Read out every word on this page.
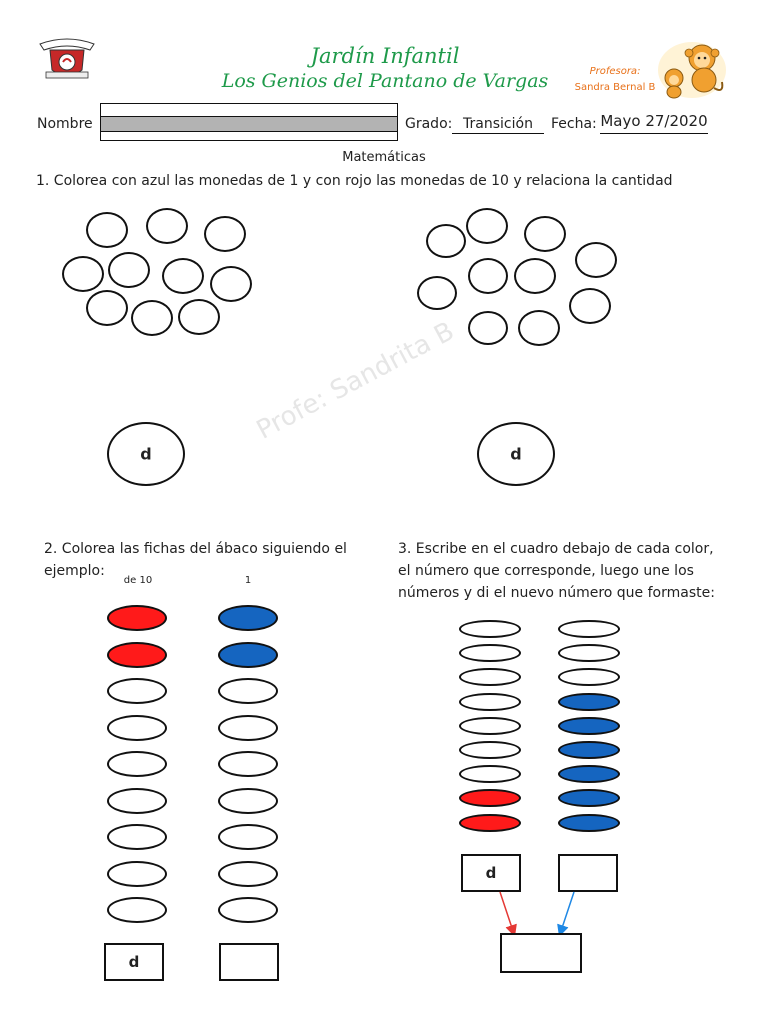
Jardín Infantil
Los Genios del Pantano de Vargas	Profesora:
Sandra Bernal B
Nombre	Grado: Transición	Fecha: Mayo 27/2020
Matemáticas
1. Colorea con azul las monedas de 1 y con rojo las monedas de 10 y relaciona la cantidad
Profe: Sandrita B
d	d
2. Colorea las fichas del ábaco siguiendo el
ejemplo:
de 10	1
d
3. Escribe en el cuadro debajo de cada color,
el número que corresponde, luego une los
números y di el nuevo número que formaste:
d
